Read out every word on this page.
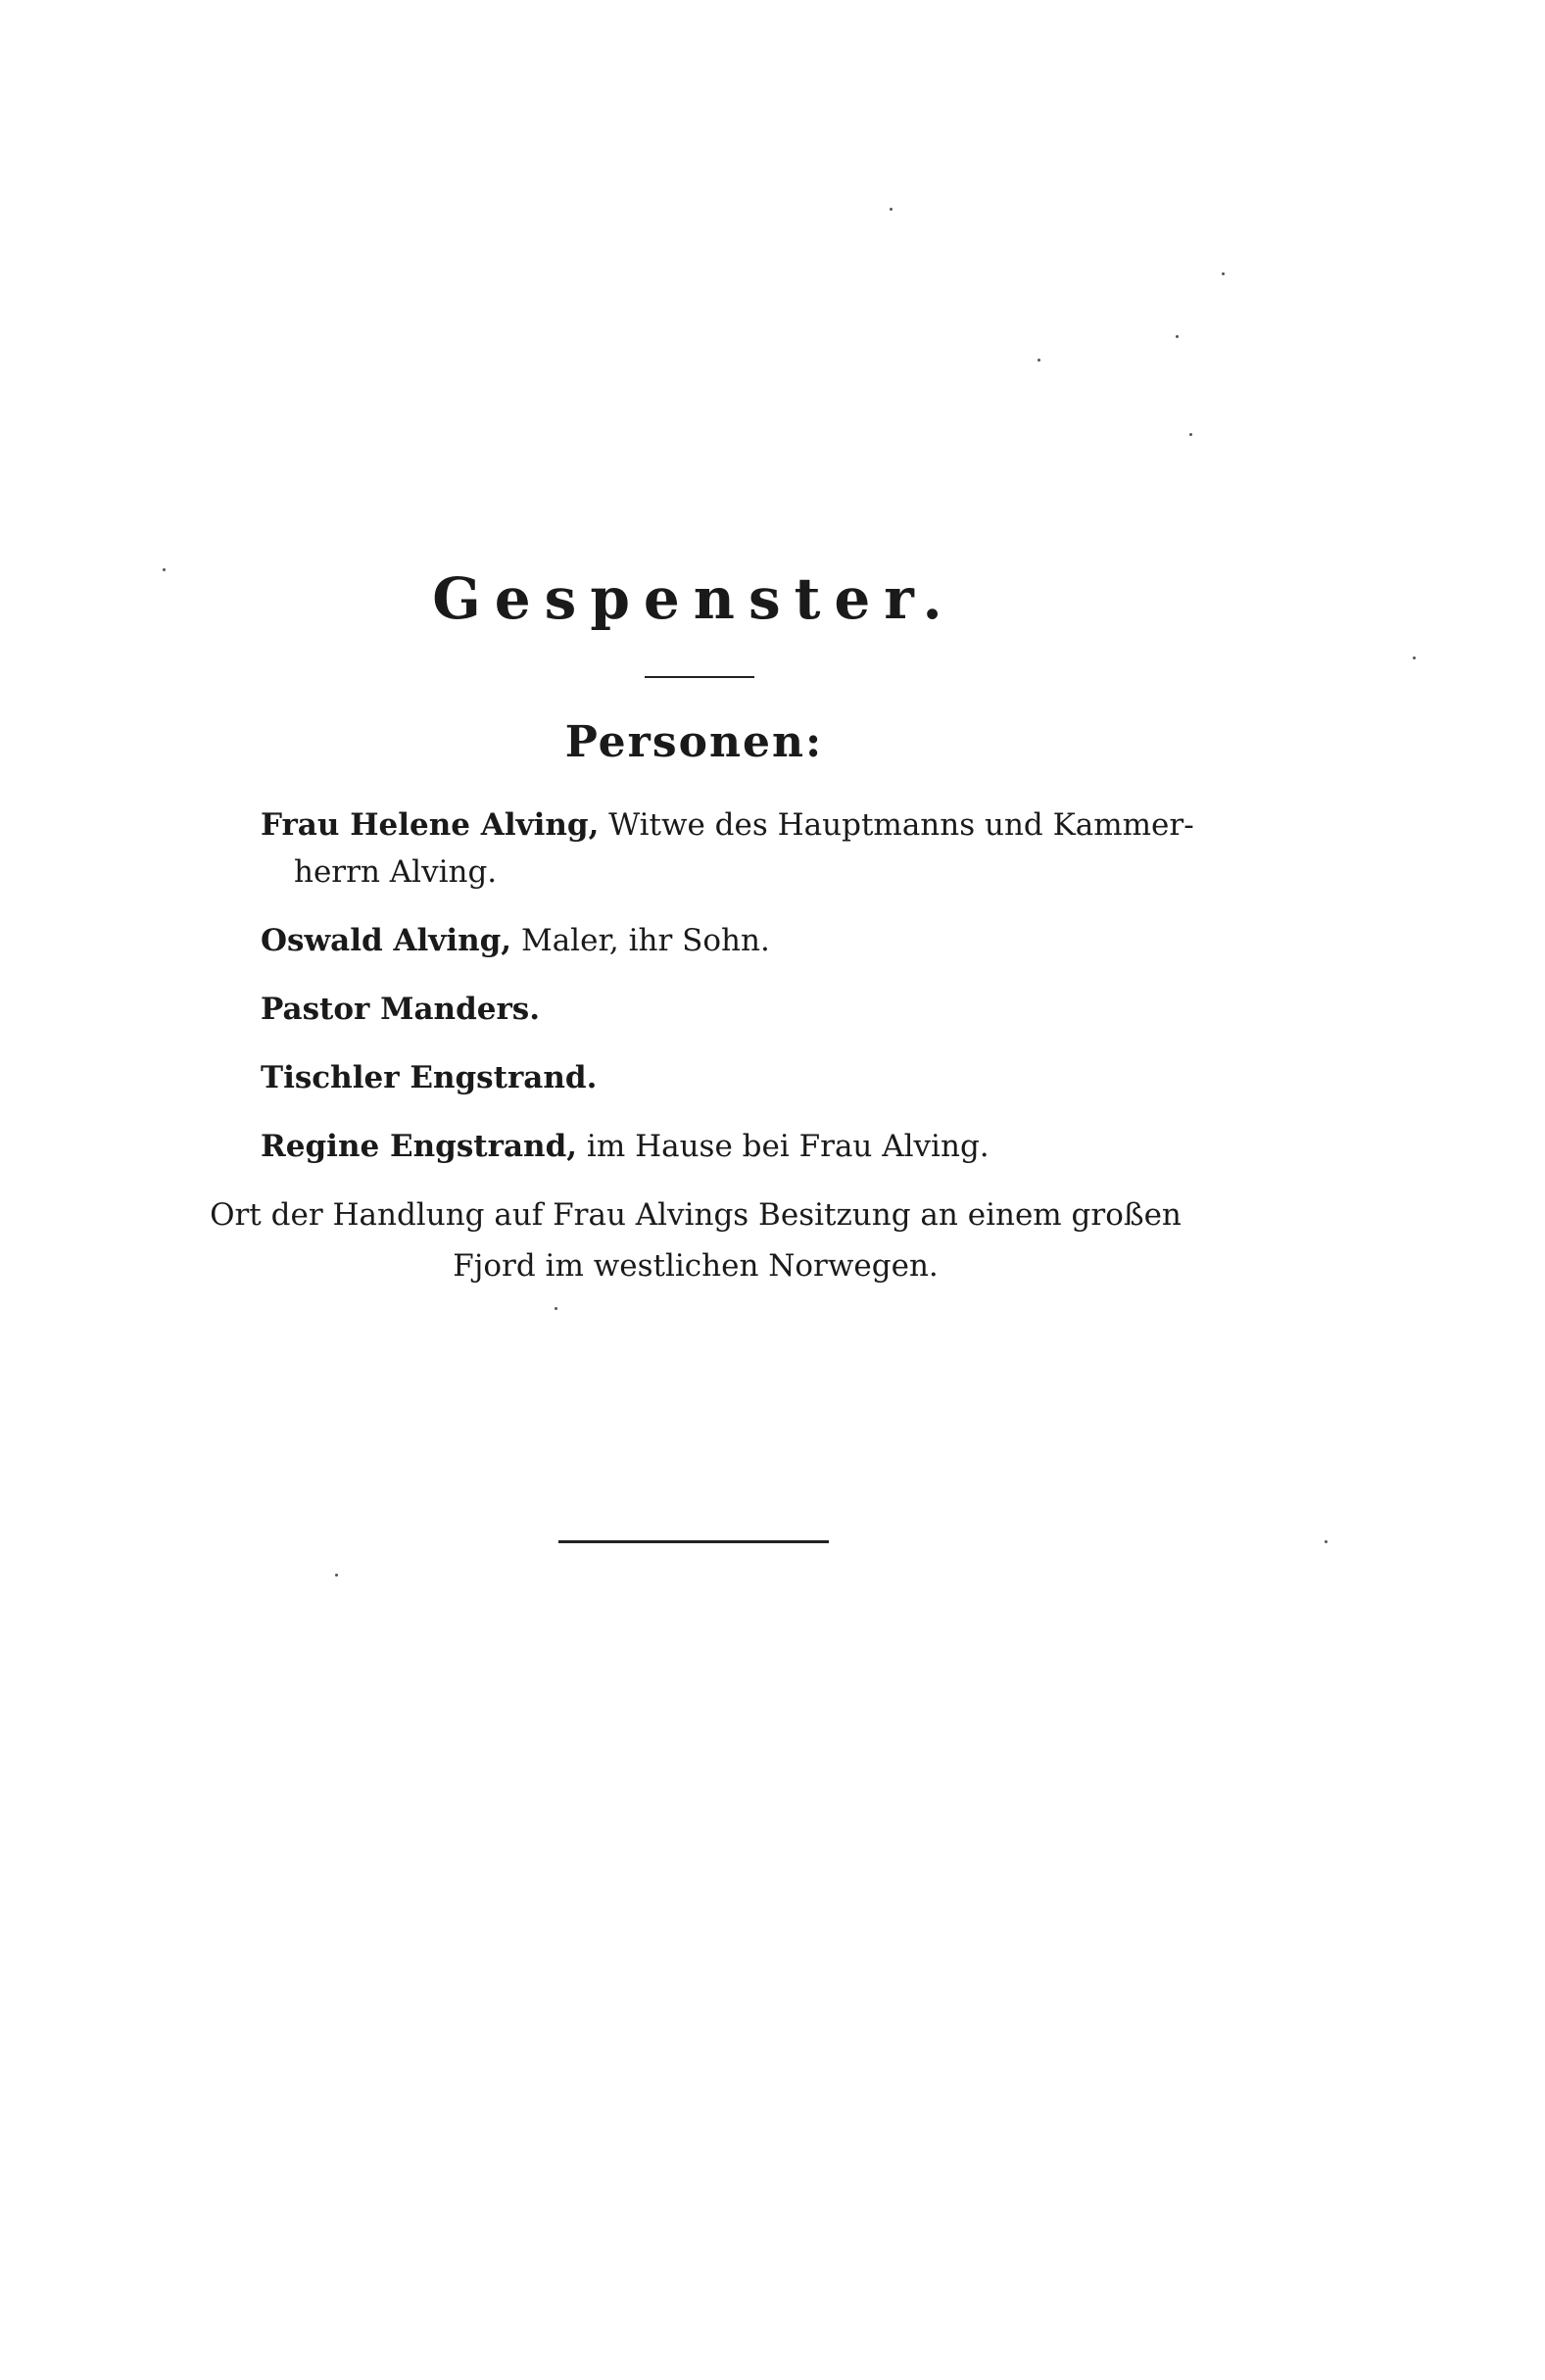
Gespenster.
Personen:
Frau Helene Alving, Witwe des Hauptmanns und Kammer-
herrn Alving.
Oswald Alving, Maler, ihr Sohn.
Pastor Manders.
Tischler Engstrand.
Regine Engstrand, im Hause bei Frau Alving.
Ort der Handlung auf Frau Alvings Besitzung an einem großen
Fjord im westlichen Norwegen.
